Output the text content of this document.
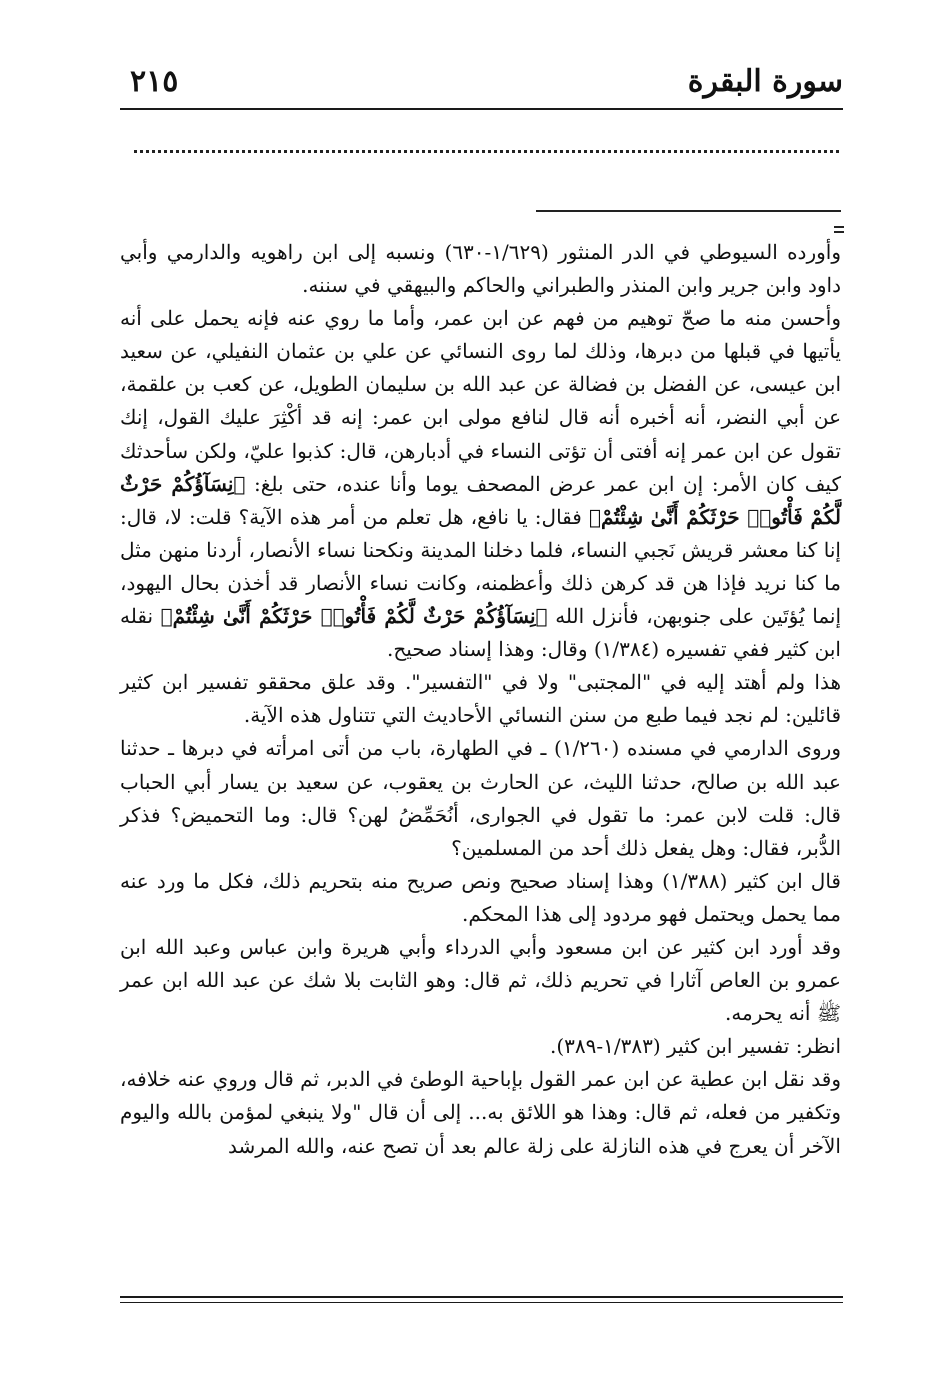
سورة البقرة
٢١٥

وأورده السيوطي في الدر المنثور (١/٦٢٩-٦٣٠) ونسبه إلى ابن راهويه والدارمي وأبي داود وابن جرير وابن المنذر والطبراني والحاكم والبيهقي في سننه.

وأحسن منه ما صحّ توهيم من فهم عن ابن عمر، وأما ما روي عنه فإنه يحمل على أنه يأتيها في قبلها من دبرها، وذلك لما روى النسائي عن علي بن عثمان النفيلي، عن سعيد ابن عيسى، عن الفضل بن فضالة عن عبد الله بن سليمان الطويل، عن كعب بن علقمة، عن أبي النضر، أنه أخبره أنه قال لنافع مولى ابن عمر: إنه قد أكْثِرَ عليك القول، إنك تقول عن ابن عمر إنه أفتى أن تؤتى النساء في أدبارهن، قال: كذبوا عليّ، ولكن سأحدثك كيف كان الأمر: إن ابن عمر عرض المصحف يوما وأنا عنده، حتى بلغ: ﴿نِسَآؤُكُمْ حَرْثٌ لَّكُمْ فَأْتُوا۟ حَرْثَكُمْ أَنَّىٰ شِئْتُمْ﴾ فقال: يا نافع، هل تعلم من أمر هذه الآية؟ قلت: لا، قال: إنا كنا معشر قريش نَجبي النساء، فلما دخلنا المدينة ونكحنا نساء الأنصار، أردنا منهن مثل ما كنا نريد فإذا هن قد كرهن ذلك وأعظمنه، وكانت نساء الأنصار قد أخذن بحال اليهود، إنما يُؤتَين على جنوبهن، فأنزل الله ﴿نِسَآؤُكُمْ حَرْثٌ لَّكُمْ فَأْتُوا۟ حَرْثَكُمْ أَنَّىٰ شِئْتُمْ﴾ نقله ابن كثير ففي تفسيره (١/٣٨٤) وقال: وهذا إسناد صحيح.

هذا ولم أهتد إليه في "المجتبى" ولا في "التفسير". وقد علق محققو تفسير ابن كثير قائلين: لم نجد فيما طبع من سنن النسائي الأحاديث التي تتناول هذه الآية.

وروى الدارمي في مسنده (١/٢٦٠) ـ في الطهارة، باب من أتى امرأته في دبرها ـ حدثنا عبد الله بن صالح، حدثنا الليث، عن الحارث بن يعقوب، عن سعيد بن يسار أبي الحباب قال: قلت لابن عمر: ما تقول في الجوارى، أنُحَمِّضُ لهن؟ قال: وما التحميض؟ فذكر الدُّبر، فقال: وهل يفعل ذلك أحد من المسلمين؟

قال ابن كثير (١/٣٨٨) وهذا إسناد صحيح ونص صريح منه بتحريم ذلك، فكل ما ورد عنه مما يحمل ويحتمل فهو مردود إلى هذا المحكم.

وقد أورد ابن كثير عن ابن مسعود وأبي الدرداء وأبي هريرة وابن عباس وعبد الله ابن عمرو بن العاص آثارا في تحريم ذلك، ثم قال: وهو الثابت بلا شك عن عبد الله ابن عمر ﷺ أنه يحرمه.

انظر: تفسير ابن كثير (١/٣٨٣-٣٨٩).

وقد نقل ابن عطية عن ابن عمر القول بإباحية الوطئ في الدبر، ثم قال وروي عنه خلافه، وتكفير من فعله، ثم قال: وهذا هو اللائق به... إلى أن قال "ولا ينبغي لمؤمن بالله واليوم الآخر أن يعرج في هذه النازلة على زلة عالم بعد أن تصح عنه، والله المرشد
